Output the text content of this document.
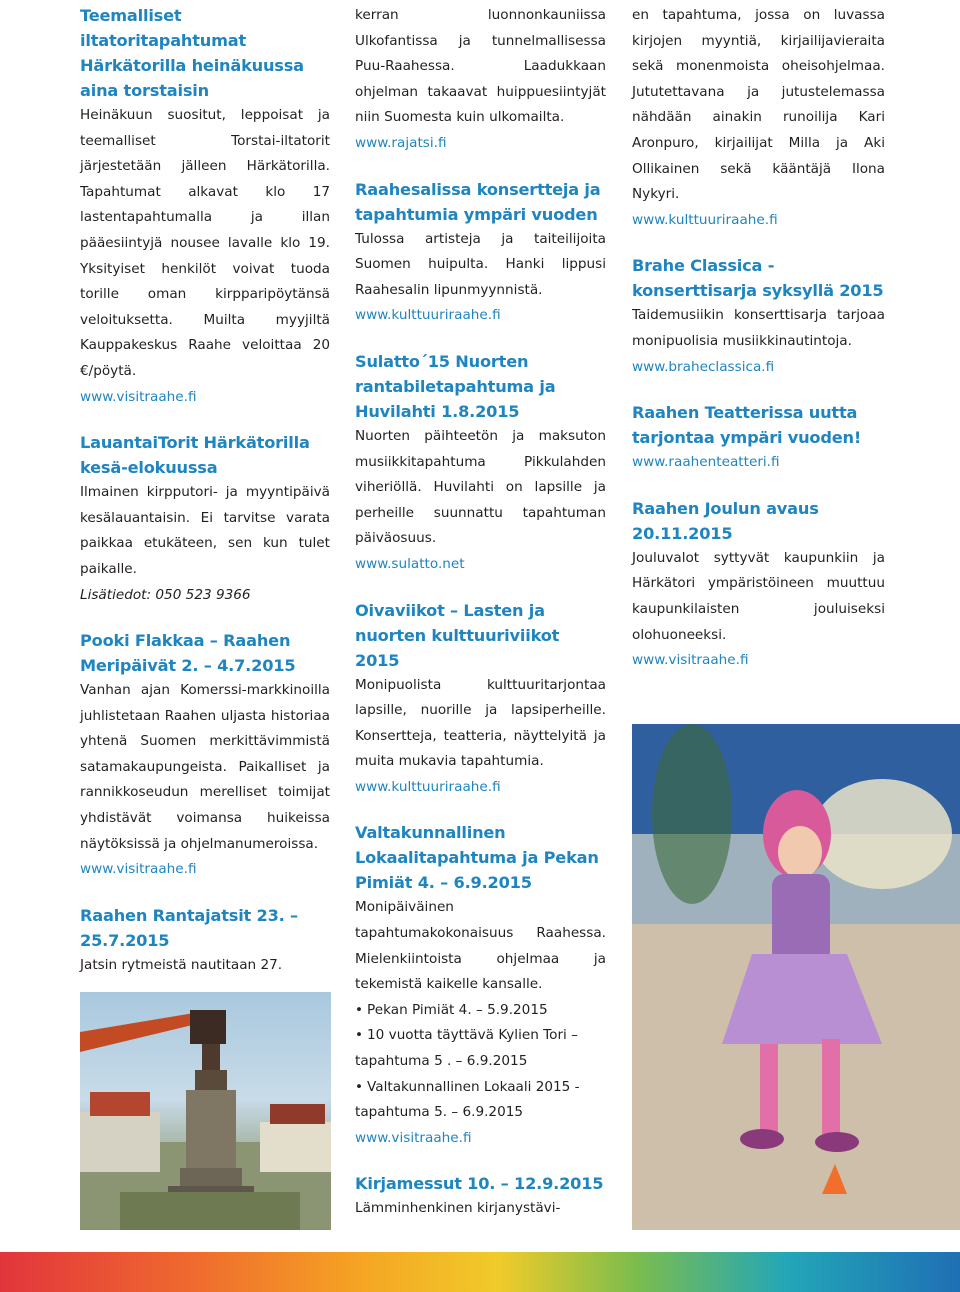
Teemalliset iltatoritapahtumat Härkätorilla heinäkuussa aina torstaisin

Heinäkuun suositut, leppoisat ja teemalliset Torstai-iltatorit järjestetään jälleen Härkätorilla. Tapahtumat alkavat klo 17 lastentapahtumalla ja illan pääesiintyjä nousee lavalle klo 19. Yksityiset henkilöt voivat tuoda torille oman kirpparipöytänsä veloituksetta. Muilta myyjiltä Kauppakeskus Raahe veloittaa 20 €/pöytä.

www.visitraahe.fi

LauantaiTorit Härkätorilla kesä-elokuussa

Ilmainen kirpputori- ja myyntipäivä kesälauantaisin. Ei tarvitse varata paikkaa etukäteen, sen kun tulet paikalle.

Lisätiedot: 050 523 9366

Pooki Flakkaa – Raahen Meripäivät 2. – 4.7.2015

Vanhan ajan Komerssi-markkinoilla juhlistetaan Raahen uljasta historiaa yhtenä Suomen merkittävimmistä satamakaupungeista. Paikalliset ja rannikkoseudun merelliset toimijat yhdistävät voimansa huikeissa näytöksissä ja ohjelmanumeroissa.

www.visitraahe.fi

Raahen Rantajatsit 23. – 25.7.2015

Jatsin rytmeistä nautitaan 27.

kerran luonnonkauniissa Ulkofantissa ja tunnelmallisessa Puu-Raahessa. Laadukkaan ohjelman takaavat huippuesiintyjät niin Suomesta kuin ulkomailta.

www.rajatsi.fi

Raahesalissa konsertteja ja tapahtumia ympäri vuoden

Tulossa artisteja ja taiteilijoita Suomen huipulta. Hanki lippusi Raahesalin lipunmyynnistä.

www.kulttuuriraahe.fi

Sulatto´15 Nuorten rantabiletapahtuma ja Huvilahti 1.8.2015

Nuorten päihteetön ja maksuton musiikkitapahtuma Pikkulahden viheriöllä. Huvilahti on lapsille ja perheille suunnattu tapahtuman päiväosuus.

www.sulatto.net

Oivaviikot – Lasten ja nuorten kulttuuriviikot 2015

Monipuolista kulttuuritarjontaa lapsille, nuorille ja lapsiperheille. Konsertteja, teatteria, näyttelyitä ja muita mukavia tapahtumia.

www.kulttuuriraahe.fi

Valtakunnallinen Lokaalitapahtuma ja Pekan Pimiät 4. – 6.9.2015

Monipäiväinen tapahtumakokonaisuus Raahessa. Mielenkiintoista ohjelmaa ja tekemistä kaikelle kansalle.

• Pekan Pimiät 4. – 5.9.2015
• 10 vuotta täyttävä Kylien Tori –tapahtuma 5 . – 6.9.2015
• Valtakunnallinen Lokaali 2015 -tapahtuma 5. – 6.9.2015

www.visitraahe.fi

Kirjamessut 10. – 12.9.2015

Lämminhenkinen kirjanystävi-

en tapahtuma, jossa on luvassa kirjojen myyntiä, kirjailijavieraita sekä monenmoista oheisohjelmaa. Jututettavana ja jutustelemassa nähdään ainakin runoilija Kari Aronpuro, kirjailijat Milla ja Aki Ollikainen sekä kääntäjä Ilona Nykyri.

www.kulttuuriraahe.fi

Brahe Classica -konserttisarja syksyllä 2015

Taidemusiikin konserttisarja tarjoaa monipuolisia musiikkinautintoja.

www.braheclassica.fi

Raahen Teatterissa uutta tarjontaa ympäri vuoden!

www.raahenteatteri.fi

Raahen Joulun avaus 20.11.2015

Jouluvalot syttyvät kaupunkiin ja Härkätori ympäristöineen muuttuu kaupunkilaisten jouluiseksi olohuoneeksi.

www.visitraahe.fi
